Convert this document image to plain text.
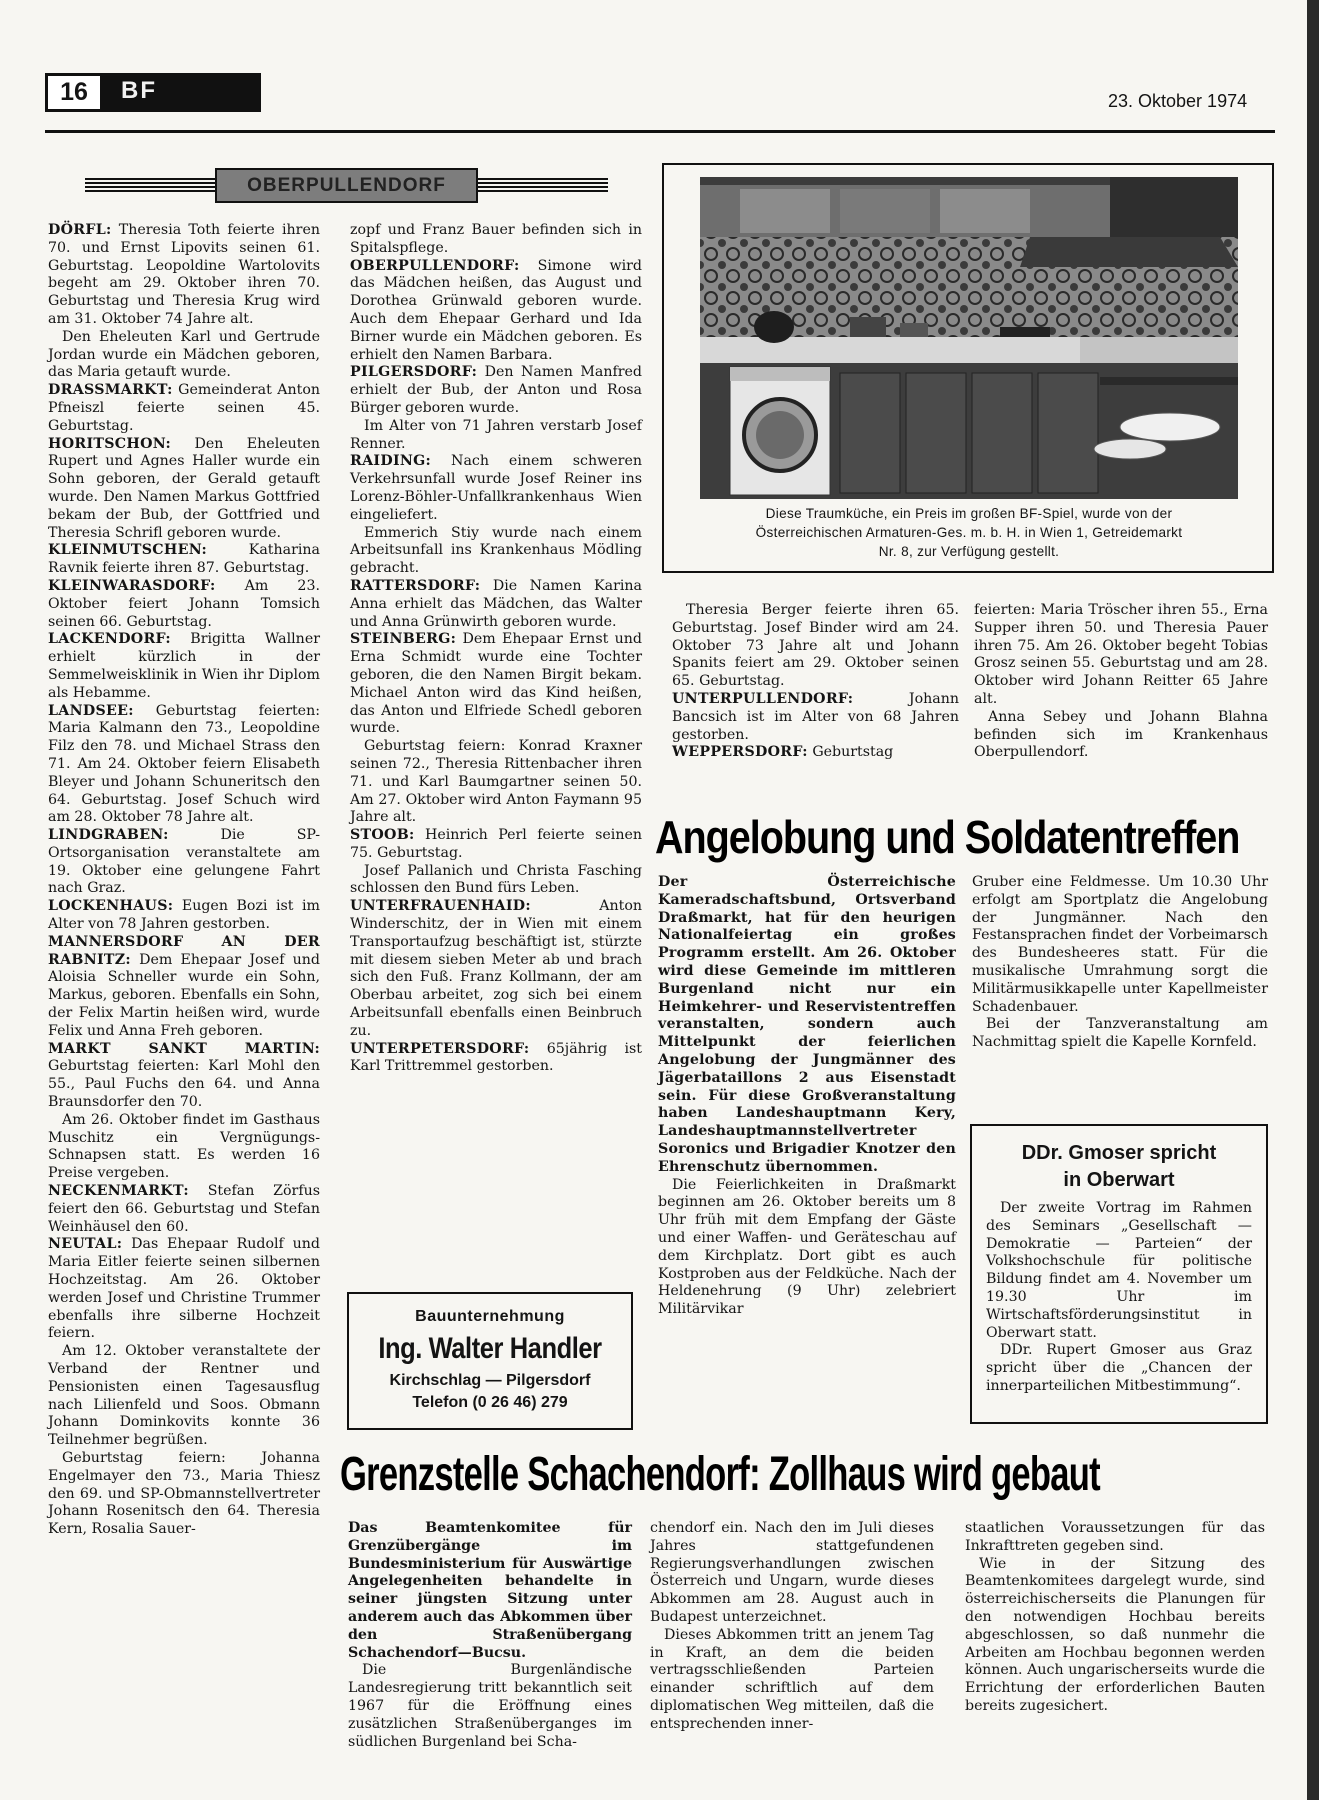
16	BF	23. Oktober 1974
OBERPULLENDORF

DÖRFL: Theresia Toth feierte ihren 70. und Ernst Lipovits seinen 61. Geburtstag. Leopoldine Wartolovits begeht am 29. Oktober ihren 70. Geburtstag und Theresia Krug wird am 31. Oktober 74 Jahre alt.

Den Eheleuten Karl und Gertrude Jordan wurde ein Mädchen geboren, das Maria getauft wurde.

DRASSMARKT: Gemeinderat Anton Pfneiszl feierte seinen 45. Geburtstag.

HORITSCHON: Den Eheleuten Rupert und Agnes Haller wurde ein Sohn geboren, der Gerald getauft wurde. Den Namen Markus Gottfried bekam der Bub, der Gottfried und Theresia Schrifl geboren wurde.

KLEINMUTSCHEN:	Katharina Ravnik feierte ihren 87. Geburtstag.

KLEINWARASDORF: Am 23. Oktober feiert Johann Tomsich seinen 66. Geburtstag.

LACKENDORF: Brigitta Wallner erhielt kürzlich in der Semmelweisklinik in Wien ihr Diplom als Hebamme.

LANDSEE: Geburtstag feierten: Maria Kalmann den 73., Leopoldine Filz den 78. und Michael Strass den 71. Am 24. Oktober feiern Elisabeth Bleyer und Johann Schuneritsch den 64. Geburtstag. Josef Schuch wird am 28. Oktober 78 Jahre alt.

LINDGRABEN:	Die SP-Ortsorganisation veranstaltete am 19. Oktober eine gelungene Fahrt nach Graz.

LOCKENHAUS: Eugen Bozi ist im Alter von 78 Jahren gestorben.

MANNERSDORF AN DER RABNITZ: Dem Ehepaar Josef und Aloisia Schneller wurde ein Sohn, Markus, geboren. Ebenfalls ein Sohn, der Felix Martin heißen wird, wurde Felix und Anna Freh geboren.

MARKT SANKT MARTIN: Geburtstag feierten: Karl Mohl den 55., Paul Fuchs den 64. und Anna Braunsdorfer den 70.

Am 26. Oktober findet im Gasthaus Muschitz ein Vergnügungs-Schnapsen statt. Es werden 16 Preise vergeben.

NECKENMARKT: Stefan Zörfus feiert den 66. Geburtstag und Stefan Weinhäusel den 60.

NEUTAL: Das Ehepaar Rudolf und Maria Eitler feierte seinen silbernen Hochzeitstag. Am 26. Oktober werden Josef und Christine Trummer ebenfalls ihre silberne Hochzeit feiern.

Am 12. Oktober veranstaltete der Verband der Rentner und Pensionisten einen Tagesausflug nach Lilienfeld und Soos. Obmann Johann Dominkovits konnte 36 Teilnehmer begrüßen.

Geburtstag feiern: Johanna Engelmayer den 73., Maria Thiesz den 69. und SP-Obmannstellvertreter Johann Rosenitsch den 64. Theresia Kern, Rosalia Sauer-

zopf und Franz Bauer befinden sich in Spitalspflege.

OBERPULLENDORF: Simone wird das Mädchen heißen, das August und Dorothea Grünwald geboren wurde. Auch dem Ehepaar Gerhard und Ida Birner wurde ein Mädchen geboren. Es erhielt den Namen Barbara.

PILGERSDORF: Den Namen Manfred erhielt der Bub, der Anton und Rosa Bürger geboren wurde.

Im Alter von 71 Jahren verstarb Josef Renner.

RAIDING: Nach einem schweren Verkehrsunfall wurde Josef Reiner ins Lorenz-Böhler-Unfallkrankenhaus Wien eingeliefert.

Emmerich Stiy wurde nach einem Arbeitsunfall ins Krankenhaus Mödling gebracht.

RATTERSDORF: Die Namen Karina Anna erhielt das Mädchen, das Walter und Anna Grünwirth geboren wurde.

STEINBERG: Dem Ehepaar Ernst und Erna Schmidt wurde eine Tochter geboren, die den Namen Birgit bekam. Michael Anton wird das Kind heißen, das Anton und Elfriede Schedl geboren wurde.

Geburtstag feiern: Konrad Kraxner seinen 72., Theresia Rittenbacher ihren 71. und Karl Baumgartner seinen 50. Am 27. Oktober wird Anton Faymann 95 Jahre alt.

STOOB: Heinrich Perl feierte seinen 75. Geburtstag.

Josef Pallanich und Christa Fasching schlossen den Bund fürs Leben.

UNTERFRAUENHAID:	Anton Winderschitz, der in Wien mit einem Transportaufzug beschäftigt ist, stürzte mit diesem sieben Meter ab und brach sich den Fuß. Franz Kollmann, der am Oberbau arbeitet, zog sich bei einem Arbeitsunfall ebenfalls einen Beinbruch zu.

UNTERPETERSDORF: 65jährig ist Karl Trittremmel gestorben.

Diese Traumküche, ein Preis im großen BF-Spiel, wurde von der
Österreichischen Armaturen-Ges. m. b. H. in Wien 1, Getreidemarkt
Nr. 8, zur Verfügung gestellt.

Theresia Berger feierte ihren 65. Geburtstag. Josef Binder wird am 24. Oktober 73 Jahre alt und Johann Spanits feiert am 29. Oktober seinen 65. Geburtstag.

UNTERPULLENDORF:	Johann Bancsich ist im Alter von 68 Jahren gestorben.

WEPPERSDORF: Geburtstag

feierten: Maria Tröscher ihren 55., Erna Supper ihren 50. und Theresia Pauer ihren 75. Am 26. Oktober begeht Tobias Grosz seinen 55. Geburtstag und am 28. Oktober wird Johann Reitter 65 Jahre alt.

Anna Sebey und Johann Blahna befinden sich im Krankenhaus Oberpullendorf.

Angelobung und Soldatentreffen

Der Österreichische Kameradschaftsbund, Ortsverband Draßmarkt, hat für den heurigen Nationalfeiertag ein großes Programm erstellt. Am 26. Oktober wird diese Gemeinde im mittleren Burgenland nicht nur ein Heimkehrer- und Reservistentreffen veranstalten, sondern auch Mittelpunkt der feierlichen Angelobung der Jungmänner des Jägerbataillons 2 aus Eisenstadt sein. Für diese Großveranstaltung haben Landeshauptmann Kery, Landeshauptmannstellvertreter Soronics und Brigadier Knotzer den Ehrenschutz übernommen.

Die Feierlichkeiten in Draßmarkt beginnen am 26. Oktober bereits um 8 Uhr früh mit dem Empfang der Gäste und einer Waffen- und Geräteschau auf dem Kirchplatz. Dort gibt es auch Kostproben aus der Feldküche. Nach der Heldenehrung (9 Uhr) zelebriert Militärvikar

Gruber eine Feldmesse. Um 10.30 Uhr erfolgt am Sportplatz die Angelobung der Jungmänner. Nach den Festansprachen findet der Vorbeimarsch des Bundesheeres statt. Für die musikalische Umrahmung sorgt die Militärmusikkapelle unter Kapellmeister Schadenbauer.

Bei der Tanzveranstaltung am Nachmittag spielt die Kapelle Kornfeld.

DDr. Gmoser spricht
in Oberwart

Der zweite Vortrag im Rahmen des Seminars „Gesellschaft — Demokratie — Parteien“ der Volkshochschule für politische Bildung findet am 4. November um 19.30 Uhr im Wirtschaftsförderungsinstitut in Oberwart statt.

DDr. Rupert Gmoser aus Graz spricht über die „Chancen der innerparteilichen Mitbestimmung“.

Bauunternehmung
Ing. Walter Handler
Kirchschlag — Pilgersdorf
Telefon (0 26 46) 279
Grenzstelle Schachendorf: Zollhaus wird gebaut

Das Beamtenkomitee für Grenzübergänge im Bundesministerium für Auswärtige Angelegenheiten behandelte in seiner jüngsten Sitzung unter anderem auch das Abkommen über den Straßenübergang Schachendorf—Bucsu.

Die Burgenländische Landesregierung tritt bekanntlich seit 1967 für die Eröffnung eines zusätzlichen Straßenüberganges im südlichen Burgenland bei Scha-

chendorf ein. Nach den im Juli dieses Jahres stattgefundenen Regierungsverhandlungen zwischen Österreich und Ungarn, wurde dieses Abkommen am 28. August auch in Budapest unterzeichnet.

Dieses Abkommen tritt an jenem Tag in Kraft, an dem die beiden vertragsschließenden Parteien einander schriftlich auf dem diplomatischen Weg mitteilen, daß die entsprechenden inner-

staatlichen Voraussetzungen für das Inkrafttreten gegeben sind.

Wie in der Sitzung des Beamtenkomitees dargelegt wurde, sind österreichischerseits die Planungen für den notwendigen Hochbau bereits abgeschlossen, so daß nunmehr die Arbeiten am Hochbau begonnen werden können. Auch ungarischerseits wurde die Errichtung der erforderlichen Bauten bereits zugesichert.
